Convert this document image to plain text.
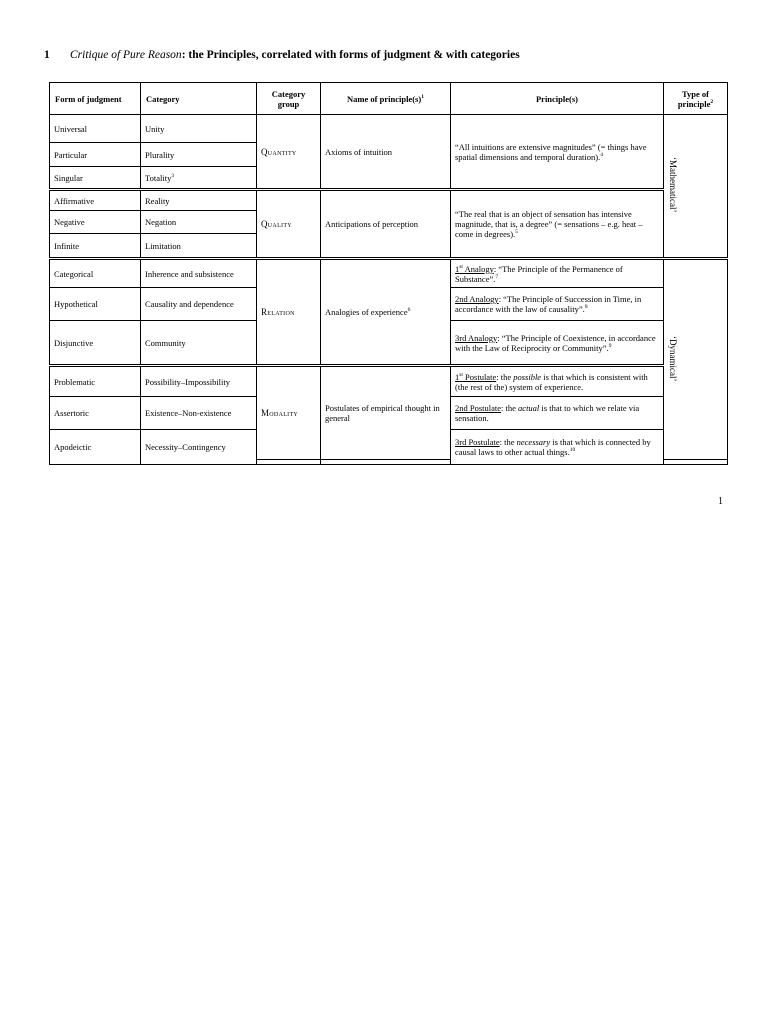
1 Critique of Pure Reason: the Principles, correlated with forms of judgment & with categories
Form of judgment	Category	Category group	Name of $principle(s)^1$	Principle(s)	Type of principle$^2$
Universal	Unity	Quantity	Axioms of intuition	“All intuitions are extensive magnitudes” (= things have spatial dimensions and temporal duration).$^4$	‘Mathematical’
Particular	Plurality				
Singular	Totality$^3$
Affirmative	Reality	Quality	Anticipations of perception	“The real that is an object of sensation has intensive magnitude, that is, a degree” (= sensations – e.g. heat – come in degrees).$^5$
Negative	Negation				
Infinite	Limitation				
Categorical	Inherence and subsistence	Relation	Analogies of experience$^6$	1st Analogy: “The Principle of the Permanence of Substance”.$^7$	‘Dynamical’
Hypothetical	Causality and dependence			2nd Analogy: “The Principle of Succession in Time, in accordance with the law of causality”.$^8$
Disjunctive	Community			3rd Analogy: “The Principle of Coexistence, in accordance with the Law of Reciprocity or Community”.$^9$
Problematic	Possibility–Impossibility	Modality	Postulates of empirical thought in general	1st Postulate: the possible is that which is consistent with (the rest of the) system of experience.	
Assertoric	Existence–Non-existence			2nd Postulate: the actual is that to which we relate via sensation.	
Apodeictic	Necessity–Contingency			3rd Postulate: the necessary is that which is connected by causal laws to other actual things.$^{10}$

1
